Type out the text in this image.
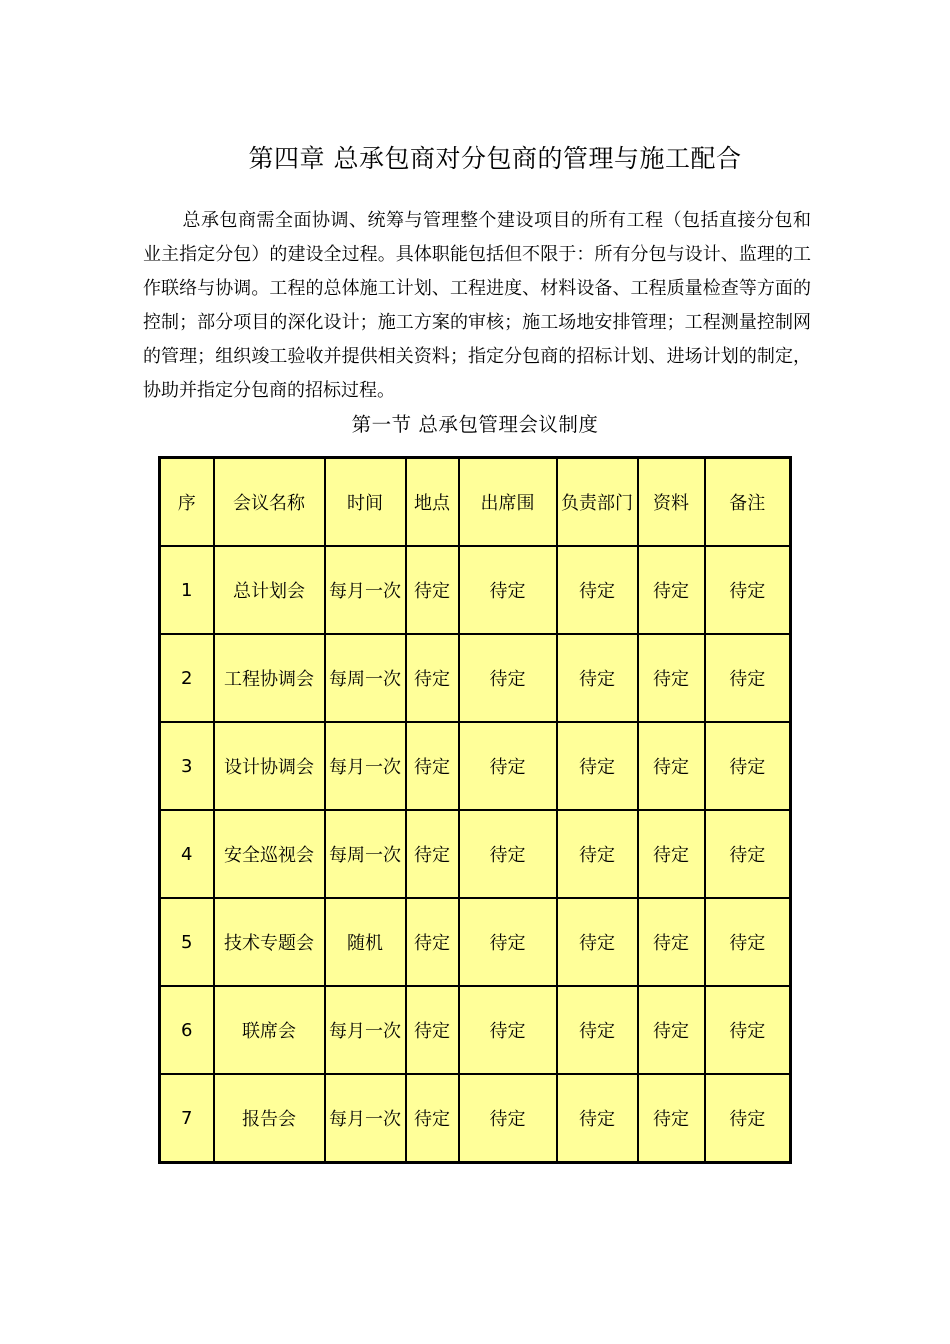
第四章 总承包商对分包商的管理与施工配合
总承包商需全面协调、统筹与管理整个建设项目的所有工程（包括直接分包和业主指定分包）的建设全过程。具体职能包括但不限于：所有分包与设计、监理的工作联络与协调。工程的总体施工计划、工程进度、材料设备、工程质量检查等方面的控制；部分项目的深化设计；施工方案的审核；施工场地安排管理；工程测量控制网的管理；组织竣工验收并提供相关资料；指定分包商的招标计划、进场计划的制定，协助并指定分包商的招标过程。
第一节 总承包管理会议制度
序	会议名称	时间	地点	出席围	负责部门	资料	备注
1	总计划会	每月一次	待定	待定	待定	待定	待定
2	工程协调会	每周一次	待定	待定	待定	待定	待定
3	设计协调会	每月一次	待定	待定	待定	待定	待定
4	安全巡视会	每周一次	待定	待定	待定	待定	待定
5	技术专题会	随机	待定	待定	待定	待定	待定
6	联席会	每月一次	待定	待定	待定	待定	待定
7	报告会	每月一次	待定	待定	待定	待定	待定
